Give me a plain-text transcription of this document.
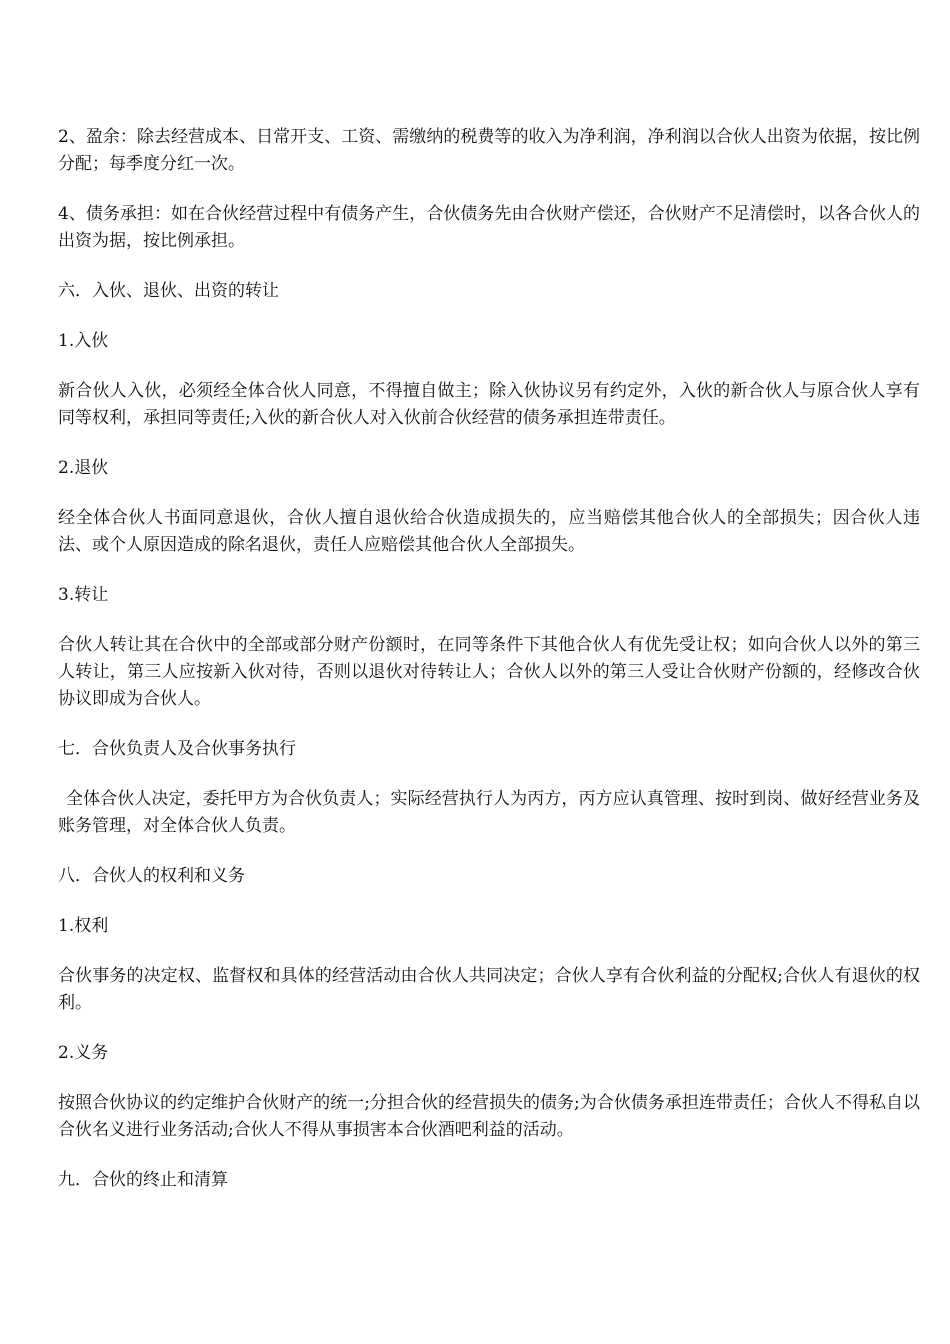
2、盈余：除去经营成本、日常开支、工资、需缴纳的税费等的收入为净利润，净利润以合伙人出资为依据，按比例分配；每季度分红一次。

4、债务承担：如在合伙经营过程中有债务产生，合伙债务先由合伙财产偿还，合伙财产不足清偿时，以各合伙人的出资为据，按比例承担。

六．入伙、退伙、出资的转让

1.入伙

新合伙人入伙，必须经全体合伙人同意，不得擅自做主；除入伙协议另有约定外，入伙的新合伙人与原合伙人享有同等权利，承担同等责任;入伙的新合伙人对入伙前合伙经营的债务承担连带责任。

2.退伙

经全体合伙人书面同意退伙，合伙人擅自退伙给合伙造成损失的，应当赔偿其他合伙人的全部损失；因合伙人违法、或个人原因造成的除名退伙，责任人应赔偿其他合伙人全部损失。

3.转让

合伙人转让其在合伙中的全部或部分财产份额时，在同等条件下其他合伙人有优先受让权；如向合伙人以外的第三人转让，第三人应按新入伙对待，否则以退伙对待转让人；合伙人以外的第三人受让合伙财产份额的，经修改合伙协议即成为合伙人。

七．合伙负责人及合伙事务执行

全体合伙人决定，委托甲方为合伙负责人；实际经营执行人为丙方，丙方应认真管理、按时到岗、做好经营业务及账务管理，对全体合伙人负责。

八．合伙人的权利和义务

1.权利

合伙事务的决定权、监督权和具体的经营活动由合伙人共同决定；合伙人享有合伙利益的分配权;合伙人有退伙的权利。

2.义务

按照合伙协议的约定维护合伙财产的统一;分担合伙的经营损失的债务;为合伙债务承担连带责任；合伙人不得私自以合伙名义进行业务活动;合伙人不得从事损害本合伙酒吧利益的活动。

九．合伙的终止和清算
